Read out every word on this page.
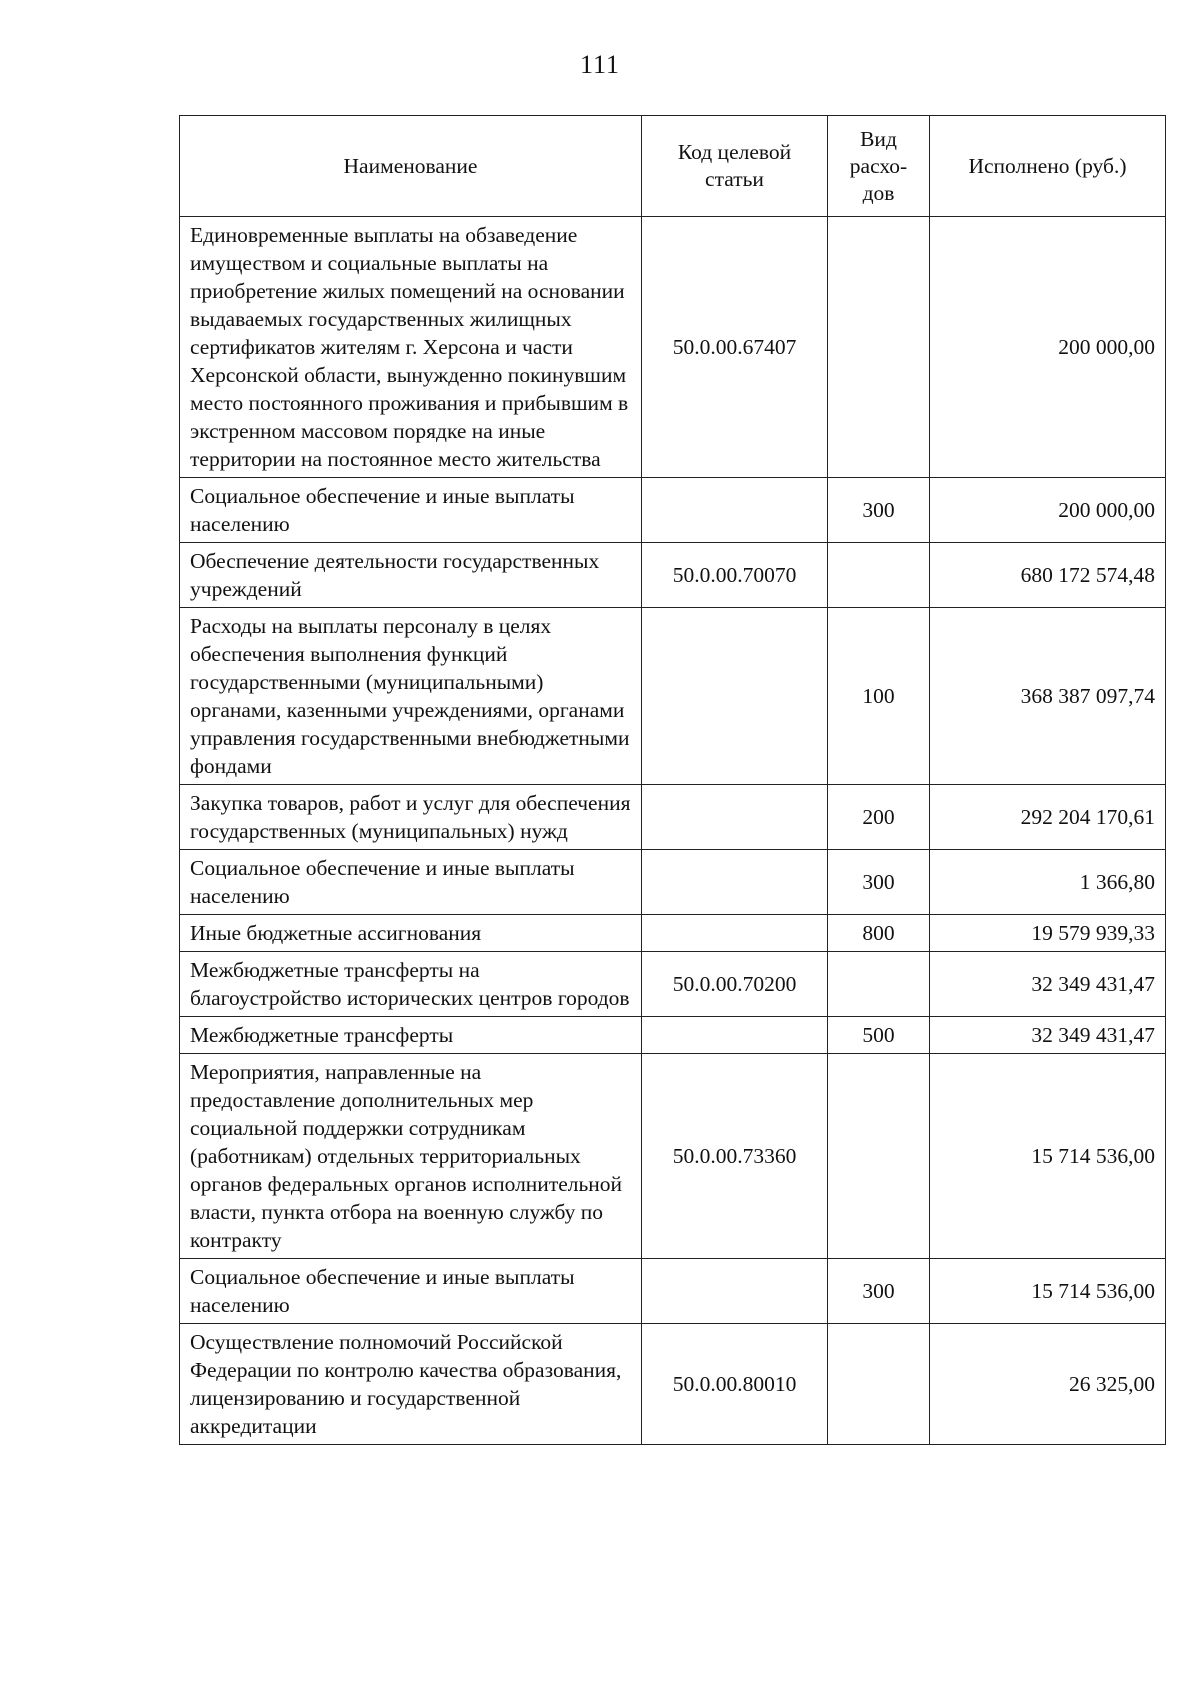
111
Наименование	Код целевой статьи	Вид расхо-дов	Исполнено (руб.)
Единовременные выплаты на обзаведение имуществом и социальные выплаты на приобретение жилых помещений на основании выдаваемых государственных жилищных сертификатов жителям г. Херсона и части Херсонской области, вынужденно покинувшим место постоянного проживания и прибывшим в экстренном массовом порядке на иные территории на постоянное место жительства	50.0.00.67407		200 000,00
Социальное обеспечение и иные выплаты населению		300	200 000,00
Обеспечение деятельности государственных учреждений	50.0.00.70070		680 172 574,48
Расходы на выплаты персоналу в целях обеспечения выполнения функций государственными (муниципальными) органами, казенными учреждениями, органами управления государственными внебюджетными фондами		100	368 387 097,74
Закупка товаров, работ и услуг для обеспечения государственных (муниципальных) нужд		200	292 204 170,61
Социальное обеспечение и иные выплаты населению		300	1 366,80
Иные бюджетные ассигнования		800	19 579 939,33
Межбюджетные трансферты на благоустройство исторических центров городов	50.0.00.70200		32 349 431,47
Межбюджетные трансферты		500	32 349 431,47
Мероприятия, направленные на предоставление дополнительных мер социальной поддержки сотрудникам (работникам) отдельных территориальных органов федеральных органов исполнительной власти, пункта отбора на военную службу по контракту	50.0.00.73360		15 714 536,00
Социальное обеспечение и иные выплаты населению		300	15 714 536,00
Осуществление полномочий Российской Федерации по контролю качества образования, лицензированию и государственной аккредитации	50.0.00.80010		26 325,00
